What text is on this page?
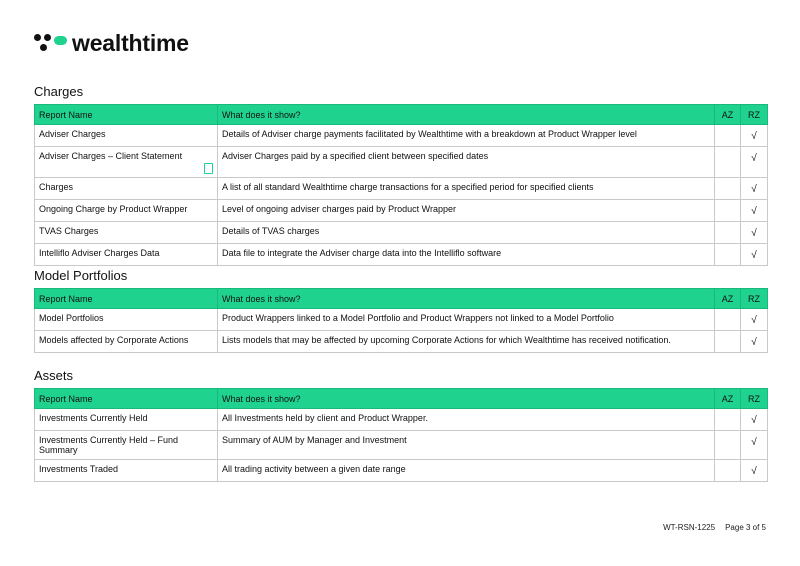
wealthtime
Charges
Report Name	What does it show?	AZ	RZ
Adviser Charges	Details of Adviser charge payments facilitated by Wealthtime with a breakdown at Product Wrapper level		√
Adviser Charges – Client Statement	Adviser Charges paid by a specified client between specified dates		√
Charges	A list of all standard Wealthtime charge transactions for a specified period for specified clients		√
Ongoing Charge by Product Wrapper	Level of ongoing adviser charges paid by Product Wrapper		√
TVAS Charges	Details of TVAS charges		√
Intelliflo Adviser Charges Data	Data file to integrate the Adviser charge data into the Intelliflo software		√
Model Portfolios
Report Name	What does it show?	AZ	RZ
Model Portfolios	Product Wrappers linked to a Model Portfolio and Product Wrappers not linked to a Model Portfolio		√
Models affected by Corporate Actions	Lists models that may be affected by upcoming Corporate Actions for which Wealthtime has received notification.		√
Assets
Report Name	What does it show?	AZ	RZ
Investments Currently Held	All Investments held by client and Product Wrapper.		√
Investments Currently Held – Fund Summary	Summary of AUM by Manager and Investment		√
Investments Traded	All trading activity between a given date range		√
WT-RSN-1225 Page 3 of 5
